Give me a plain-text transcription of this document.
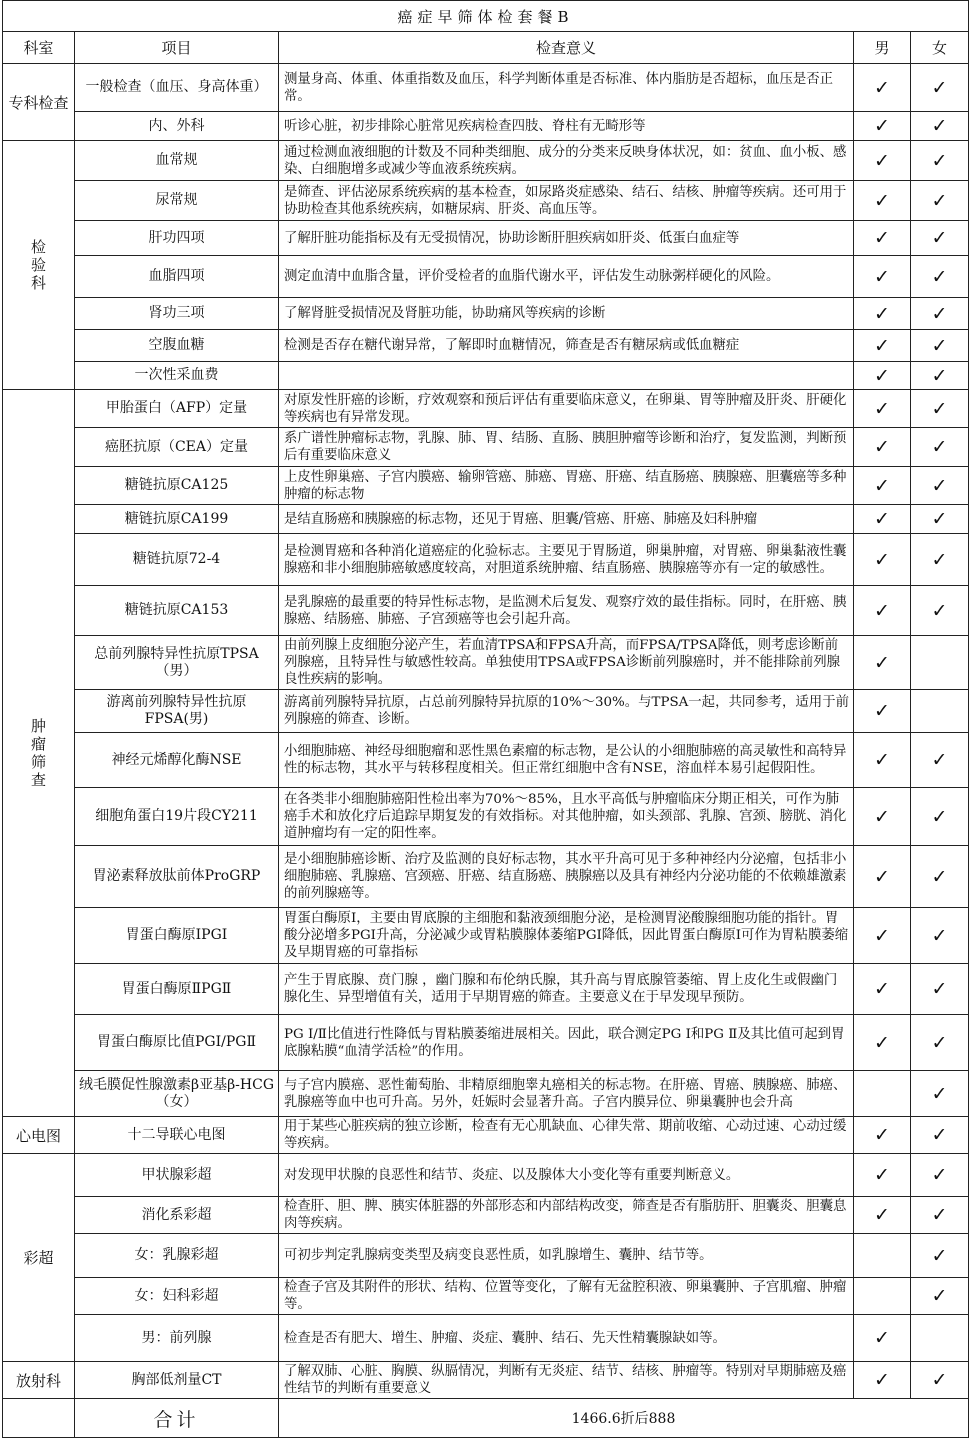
癌症早筛体检套餐B				
科室	项目	检查意义	男	女
专科检查	一般检查（血压、身高体重）	测量身高、体重、体重指数及血压，科学判断体重是否标准、体内脂肪是否超标，血压是否正常。	✓	✓
	内、外科	听诊心脏，初步排除心脏常见疾病检查四肢、脊柱有无畸形等	✓	✓
检验科	血常规	通过检测血液细胞的计数及不同种类细胞、成分的分类来反映身体状况，如：贫血、血小板、感染、白细胞增多或减少等血液系统疾病。	✓	✓
	尿常规	是筛查、评估泌尿系统疾病的基本检查，如尿路炎症感染、结石、结核、肿瘤等疾病。还可用于协助检查其他系统疾病，如糖尿病、肝炎、高血压等。	✓	✓
	肝功四项	了解肝脏功能指标及有无受损情况，协助诊断肝胆疾病如肝炎、低蛋白血症等	✓	✓
	血脂四项	测定血清中血脂含量，评价受检者的血脂代谢水平，评估发生动脉粥样硬化的风险。	✓	✓
	肾功三项	了解肾脏受损情况及肾脏功能，协助痛风等疾病的诊断	✓	✓
	空腹血糖	检测是否存在糖代谢异常，了解即时血糖情况，筛查是否有糖尿病或低血糖症	✓	✓
	一次性采血费		✓	✓
肿瘤筛查	甲胎蛋白（AFP）定量	对原发性肝癌的诊断，疗效观察和预后评估有重要临床意义，在卵巢、胃等肿瘤及肝炎、肝硬化等疾病也有异常发现。	✓	✓
	癌胚抗原（CEA）定量	系广谱性肿瘤标志物，乳腺、肺、胃、结肠、直肠、胰胆肿瘤等诊断和治疗，复发监测，判断预后有重要临床意义	✓	✓
	糖链抗原CA125	上皮性卵巢癌、子宫内膜癌、输卵管癌、肺癌、胃癌、肝癌、结直肠癌、胰腺癌、胆囊癌等多种肿瘤的标志物	✓	✓
	糖链抗原CA199	是结直肠癌和胰腺癌的标志物，还见于胃癌、胆囊/管癌、肝癌、肺癌及妇科肿瘤	✓	✓
	糖链抗原72-4	是检测胃癌和各种消化道癌症的化验标志。主要见于胃肠道，卵巢肿瘤，对胃癌、卵巢黏液性囊腺癌和非小细胞肺癌敏感度较高，对胆道系统肿瘤、结直肠癌、胰腺癌等亦有一定的敏感性。	✓	✓
	糖链抗原CA153	是乳腺癌的最重要的特异性标志物，是监测术后复发、观察疗效的最佳指标。同时，在肝癌、胰腺癌、结肠癌、肺癌、子宫颈癌等也会引起升高。	✓	✓
	总前列腺特异性抗原TPSA（男）	由前列腺上皮细胞分泌产生，若血清TPSA和FPSA升高，而FPSA/TPSA降低，则考虑诊断前列腺癌，且特异性与敏感性较高。单独使用TPSA或FPSA诊断前列腺癌时，并不能排除前列腺良性疾病的影响。	✓	
	游离前列腺特异性抗原FPSA(男)	游离前列腺特异抗原，占总前列腺特异抗原的10%～30%。与TPSA一起，共同参考，适用于前列腺癌的筛查、诊断。	✓	
	神经元烯醇化酶NSE	小细胞肺癌、神经母细胞瘤和恶性黑色素瘤的标志物，是公认的小细胞肺癌的高灵敏性和高特异性的标志物，其水平与转移程度相关。但正常红细胞中含有NSE，溶血样本易引起假阳性。	✓	✓
	细胞角蛋白19片段CY211	在各类非小细胞肺癌阳性检出率为70%～85%，且水平高低与肿瘤临床分期正相关，可作为肺癌手术和放化疗后追踪早期复发的有效指标。对其他肿瘤，如头颈部、乳腺、宫颈、膀胱、消化道肿瘤均有一定的阳性率。	✓	✓
	胃泌素释放肽前体ProGRP	是小细胞肺癌诊断、治疗及监测的良好标志物，其水平升高可见于多种神经内分泌瘤，包括非小细胞肺癌、乳腺癌、宫颈癌、肝癌、结直肠癌、胰腺癌以及具有神经内分泌功能的不依赖雄激素的前列腺癌等。	✓	✓
	胃蛋白酶原ⅠPGⅠ	胃蛋白酶原Ⅰ，主要由胃底腺的主细胞和黏液颈细胞分泌，是检测胃泌酸腺细胞功能的指针。胃酸分泌增多PGⅠ升高，分泌减少或胃粘膜腺体萎缩PGⅠ降低，因此胃蛋白酶原Ⅰ可作为胃粘膜萎缩及早期胃癌的可靠指标	✓	✓
	胃蛋白酶原ⅡPGⅡ	产生于胃底腺、贲门腺 ，幽门腺和布伦纳氏腺，其升高与胃底腺管萎缩、胃上皮化生或假幽门腺化生、异型增值有关，适用于早期胃癌的筛查。主要意义在于早发现早预防。	✓	✓
	胃蛋白酶原比值PGⅠ/PGⅡ	PG Ⅰ/Ⅱ比值进行性降低与胃粘膜萎缩进展相关。因此，联合测定PG Ⅰ和PG Ⅱ及其比值可起到胃底腺粘膜“血清学活检”的作用。	✓	✓
	绒毛膜促性腺激素β亚基β-HCG（女）	与子宫内膜癌、恶性葡萄胎、非精原细胞睾丸癌相关的标志物。在肝癌、胃癌、胰腺癌、肺癌、乳腺癌等血中也可升高。另外，妊娠时会显著升高。子宫内膜异位、卵巢囊肿也会升高		✓
心电图	十二导联心电图	用于某些心脏疾病的独立诊断，检查有无心肌缺血、心律失常、期前收缩、心动过速、心动过缓等疾病。	✓	✓
彩超	甲状腺彩超	对发现甲状腺的良恶性和结节、炎症、以及腺体大小变化等有重要判断意义。	✓	✓
	消化系彩超	检查肝、胆、脾、胰实体脏器的外部形态和内部结构改变，筛查是否有脂肪肝、胆囊炎、胆囊息肉等疾病。	✓	✓
	女：乳腺彩超	可初步判定乳腺病变类型及病变良恶性质，如乳腺增生、囊肿、结节等。		✓
	女：妇科彩超	检查子宫及其附件的形状、结构、位置等变化，了解有无盆腔积液、卵巢囊肿、子宫肌瘤、肿瘤等。		✓
	男：前列腺	检查是否有肥大、增生、肿瘤、炎症、囊肿、结石、先天性精囊腺缺如等。	✓	
放射科	胸部低剂量CT	了解双肺、心脏、胸膜、纵膈情况，判断有无炎症、结节、结核、肿瘤等。特别对早期肺癌及癌性结节的判断有重要意义	✓	✓
	合计	1466.6折后888		
